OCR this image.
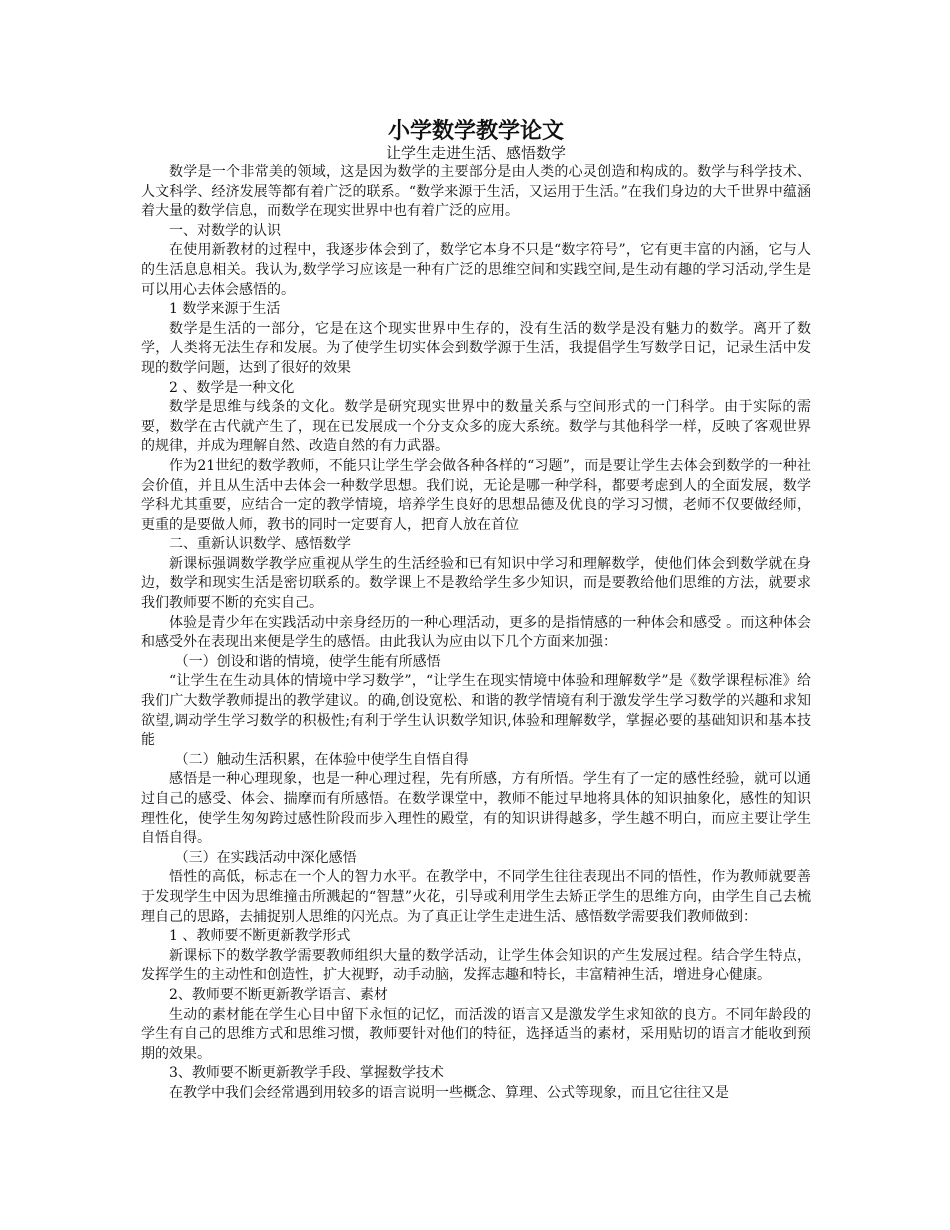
小学数学教学论文
让学生走进生活、感悟数学
数学是一个非常美的领域，这是因为数学的主要部分是由人类的心灵创造和构成的。数学与科学技术、人文科学、经济发展等都有着广泛的联系。“数学来源于生活，又运用于生活。”在我们身边的大千世界中蕴涵着大量的数学信息，而数学在现实世界中也有着广泛的应用。
一、对数学的认识
在使用新教材的过程中，我逐步体会到了，数学它本身不只是“数字符号”，它有更丰富的内涵，它与人的生活息息相关。我认为,数学学习应该是一种有广泛的思维空间和实践空间,是生动有趣的学习活动,学生是可以用心去体会感悟的。
1 数学来源于生活
数学是生活的一部分，它是在这个现实世界中生存的，没有生活的数学是没有魅力的数学。离开了数学，人类将无法生存和发展。为了使学生切实体会到数学源于生活，我提倡学生写数学日记，记录生活中发现的数学问题，达到了很好的效果
2 、数学是一种文化
数学是思维与线条的文化。数学是研究现实世界中的数量关系与空间形式的一门科学。由于实际的需要，数学在古代就产生了，现在已发展成一个分支众多的庞大系统。数学与其他科学一样，反映了客观世界的规律，并成为理解自然、改造自然的有力武器。
作为21世纪的数学教师，不能只让学生学会做各种各样的“习题”，而是要让学生去体会到数学的一种社会价值，并且从生活中去体会一种数学思想。我们说，无论是哪一种学科，都要考虑到人的全面发展，数学学科尤其重要，应结合一定的教学情境，培养学生良好的思想品德及优良的学习习惯，老师不仅要做经师，更重的是要做人师，教书的同时一定要育人，把育人放在首位
二、重新认识数学、感悟数学
新课标强调数学教学应重视从学生的生活经验和已有知识中学习和理解数学，使他们体会到数学就在身边，数学和现实生活是密切联系的。数学课上不是教给学生多少知识，而是要教给他们思维的方法，就要求我们教师要不断的充实自己。
体验是青少年在实践活动中亲身经历的一种心理活动，更多的是指情感的一种体会和感受 。而这种体会和感受外在表现出来便是学生的感悟。由此我认为应由以下几个方面来加强：
（一）创设和谐的情境，使学生能有所感悟
“让学生在生动具体的情境中学习数学”，“让学生在现实情境中体验和理解数学”是《数学课程标准》给我们广大数学教师提出的教学建议。的确,创设宽松、和谐的教学情境有利于激发学生学习数学的兴趣和求知欲望,调动学生学习数学的积极性;有利于学生认识数学知识,体验和理解数学，掌握必要的基础知识和基本技能
（二）触动生活积累，在体验中使学生自悟自得
感悟是一种心理现象，也是一种心理过程，先有所感，方有所悟。学生有了一定的感性经验，就可以通过自己的感受、体会、揣摩而有所感悟。在数学课堂中，教师不能过早地将具体的知识抽象化，感性的知识理性化，使学生匆匆跨过感性阶段而步入理性的殿堂，有的知识讲得越多，学生越不明白，而应主要让学生自悟自得。
（三）在实践活动中深化感悟
悟性的高低，标志在一个人的智力水平。在教学中，不同学生往往表现出不同的悟性，作为教师就要善于发现学生中因为思维撞击所溅起的“智慧”火花，引导或利用学生去矫正学生的思维方向，由学生自己去梳理自己的思路，去捕捉别人思维的闪光点。为了真正让学生走进生活、感悟数学需要我们教师做到：
1 、教师要不断更新教学形式
新课标下的数学教学需要教师组织大量的数学活动，让学生体会知识的产生发展过程。结合学生特点，发挥学生的主动性和创造性，扩大视野，动手动脑，发挥志趣和特长，丰富精神生活，增进身心健康。
2、教师要不断更新教学语言、素材
生动的素材能在学生心目中留下永恒的记忆，而活泼的语言又是激发学生求知欲的良方。不同年龄段的学生有自己的思维方式和思维习惯，教师要针对他们的特征，选择适当的素材，采用贴切的语言才能收到预期的效果。
3、教师要不断更新教学手段、掌握数学技术
在教学中我们会经常遇到用较多的语言说明一些概念、算理、公式等现象，而且它往往又是
